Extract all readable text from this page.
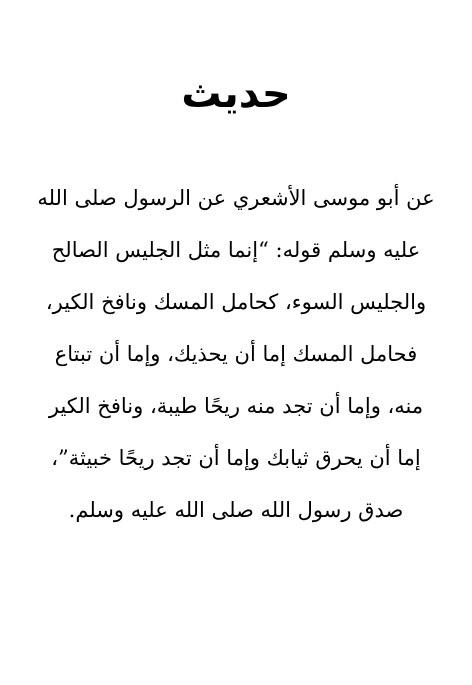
حديث
عن أبو موسى الأشعري عن الرسول صلى الله
عليه وسلم قوله: “إنما مثل الجليس الصالح
والجليس السوء، كحامل المسك ونافخ الكير،
فحامل المسك إما أن يحذيك، وإما أن تبتاع
منه، وإما أن تجد منه ريحًا طيبة، ونافخ الكير
إما أن يحرق ثيابك وإما أن تجد ريحًا خبيثة”،
صدق رسول الله صلى الله عليه وسلم.
